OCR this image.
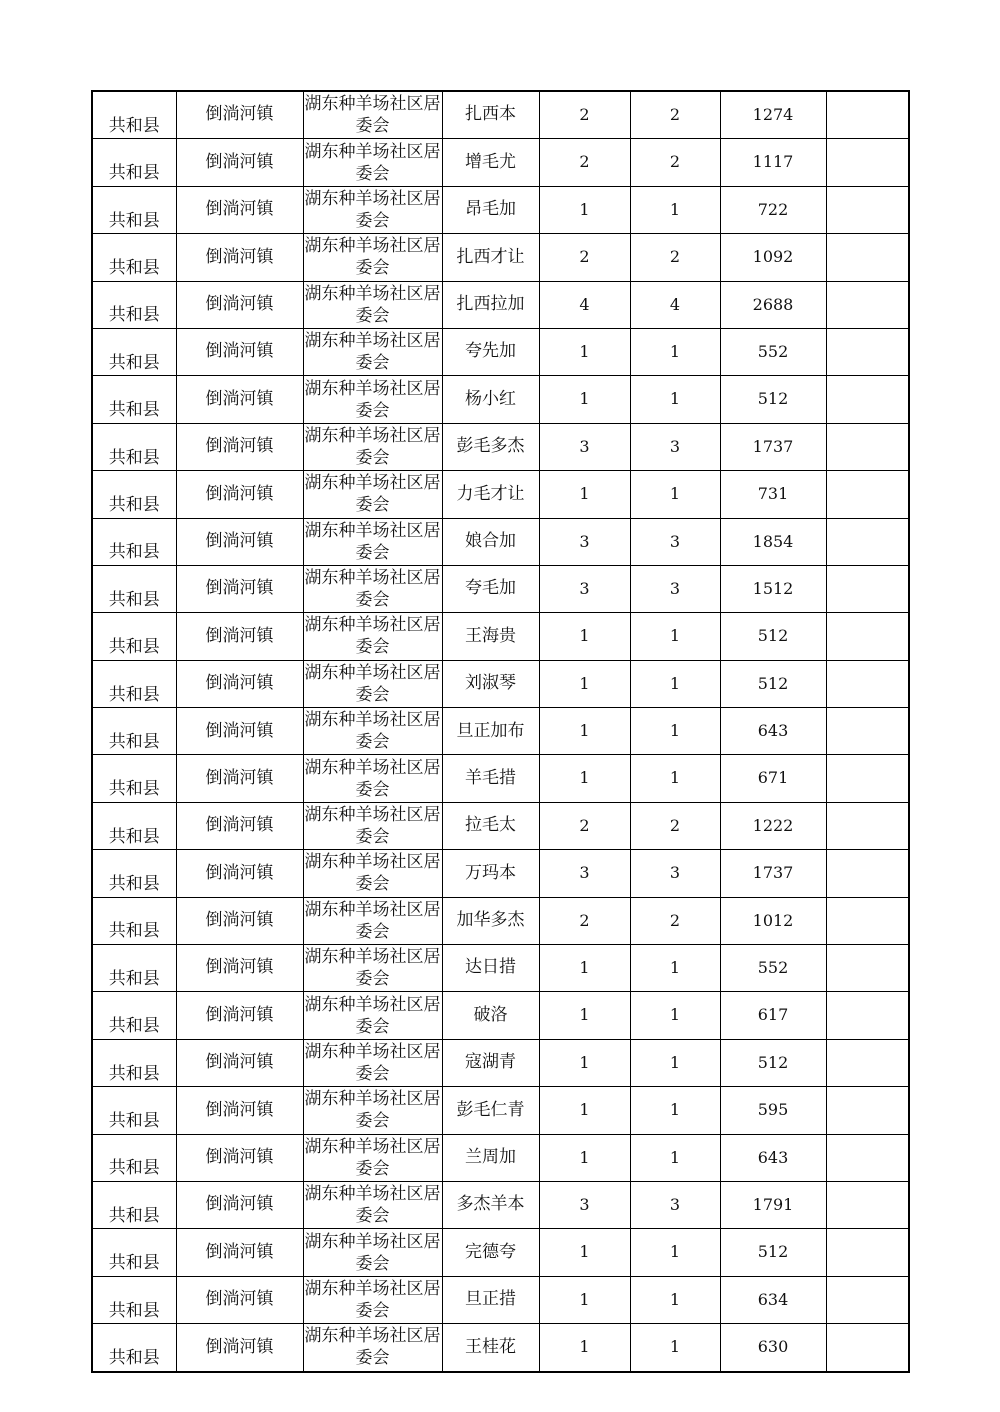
共和县	倒淌河镇	湖东种羊场社区居委会	扎西本	2	2	1274	
共和县	倒淌河镇	湖东种羊场社区居委会	增毛尤	2	2	1117	
共和县	倒淌河镇	湖东种羊场社区居委会	昂毛加	1	1	722	
共和县	倒淌河镇	湖东种羊场社区居委会	扎西才让	2	2	1092	
共和县	倒淌河镇	湖东种羊场社区居委会	扎西拉加	4	4	2688	
共和县	倒淌河镇	湖东种羊场社区居委会	夸先加	1	1	552	
共和县	倒淌河镇	湖东种羊场社区居委会	杨小红	1	1	512	
共和县	倒淌河镇	湖东种羊场社区居委会	彭毛多杰	3	3	1737	
共和县	倒淌河镇	湖东种羊场社区居委会	力毛才让	1	1	731	
共和县	倒淌河镇	湖东种羊场社区居委会	娘合加	3	3	1854	
共和县	倒淌河镇	湖东种羊场社区居委会	夸毛加	3	3	1512	
共和县	倒淌河镇	湖东种羊场社区居委会	王海贵	1	1	512	
共和县	倒淌河镇	湖东种羊场社区居委会	刘淑琴	1	1	512	
共和县	倒淌河镇	湖东种羊场社区居委会	旦正加布	1	1	643	
共和县	倒淌河镇	湖东种羊场社区居委会	羊毛措	1	1	671	
共和县	倒淌河镇	湖东种羊场社区居委会	拉毛太	2	2	1222	
共和县	倒淌河镇	湖东种羊场社区居委会	万玛本	3	3	1737	
共和县	倒淌河镇	湖东种羊场社区居委会	加华多杰	2	2	1012	
共和县	倒淌河镇	湖东种羊场社区居委会	达日措	1	1	552	
共和县	倒淌河镇	湖东种羊场社区居委会	破洛	1	1	617	
共和县	倒淌河镇	湖东种羊场社区居委会	寇湖青	1	1	512	
共和县	倒淌河镇	湖东种羊场社区居委会	彭毛仁青	1	1	595	
共和县	倒淌河镇	湖东种羊场社区居委会	兰周加	1	1	643	
共和县	倒淌河镇	湖东种羊场社区居委会	多杰羊本	3	3	1791	
共和县	倒淌河镇	湖东种羊场社区居委会	完德夸	1	1	512	
共和县	倒淌河镇	湖东种羊场社区居委会	旦正措	1	1	634	
共和县	倒淌河镇	湖东种羊场社区居委会	王桂花	1	1	630	
